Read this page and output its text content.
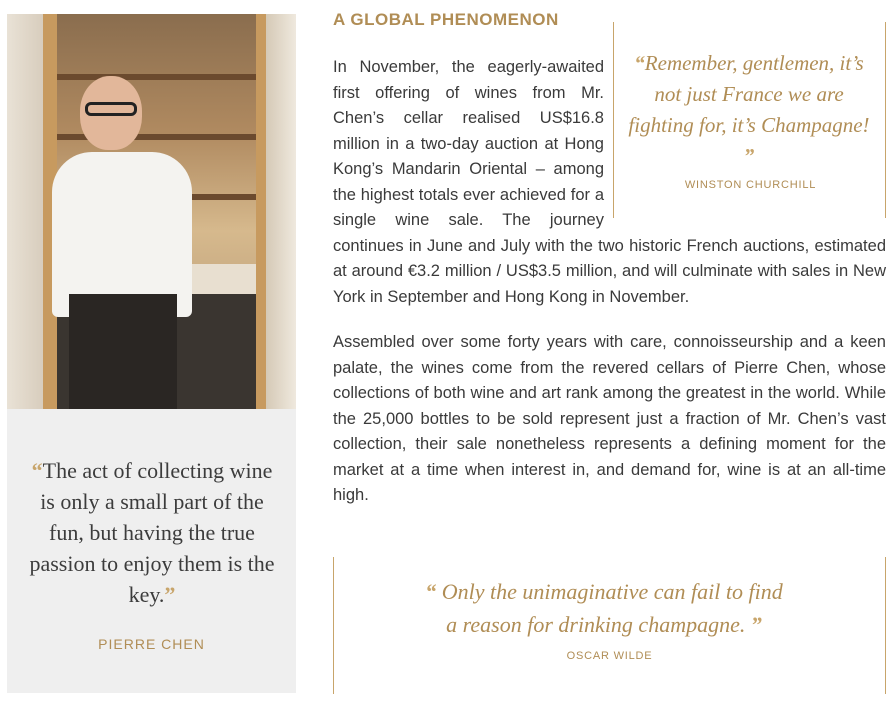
“The act of collecting wine is only a small part of the fun, but having the true passion to enjoy them is the key.”
PIERRE CHEN
A GLOBAL PHENOMENON

In November, the eagerly-awaited first offering of wines from Mr. Chen’s cellar realised US$16.8 million in a two-day auction at Hong Kong’s Mandarin Oriental – among the highest totals ever achieved for a single wine sale. The journey continues in June and July with the two historic French auctions, estimated at around €3.2 million / US$3.5 million, and will culminate with sales in New York in September and Hong Kong in November.

Assembled over some forty years with care, connoisseurship and a keen palate, the wines come from the revered cellars of Pierre Chen, whose collections of both wine and art rank among the greatest in the world. While the 25,000 bottles to be sold represent just a fraction of Mr. Chen’s vast collection, their sale nonetheless represents a defining moment for the market at a time when interest in, and demand for, wine is at an all-time high.

“Remember, gentlemen, it’s not just France we are fighting for, it’s Champagne! ”
WINSTON CHURCHILL
“ Only the unimaginative can fail to find
a reason for drinking champagne. ”
OSCAR WILDE
